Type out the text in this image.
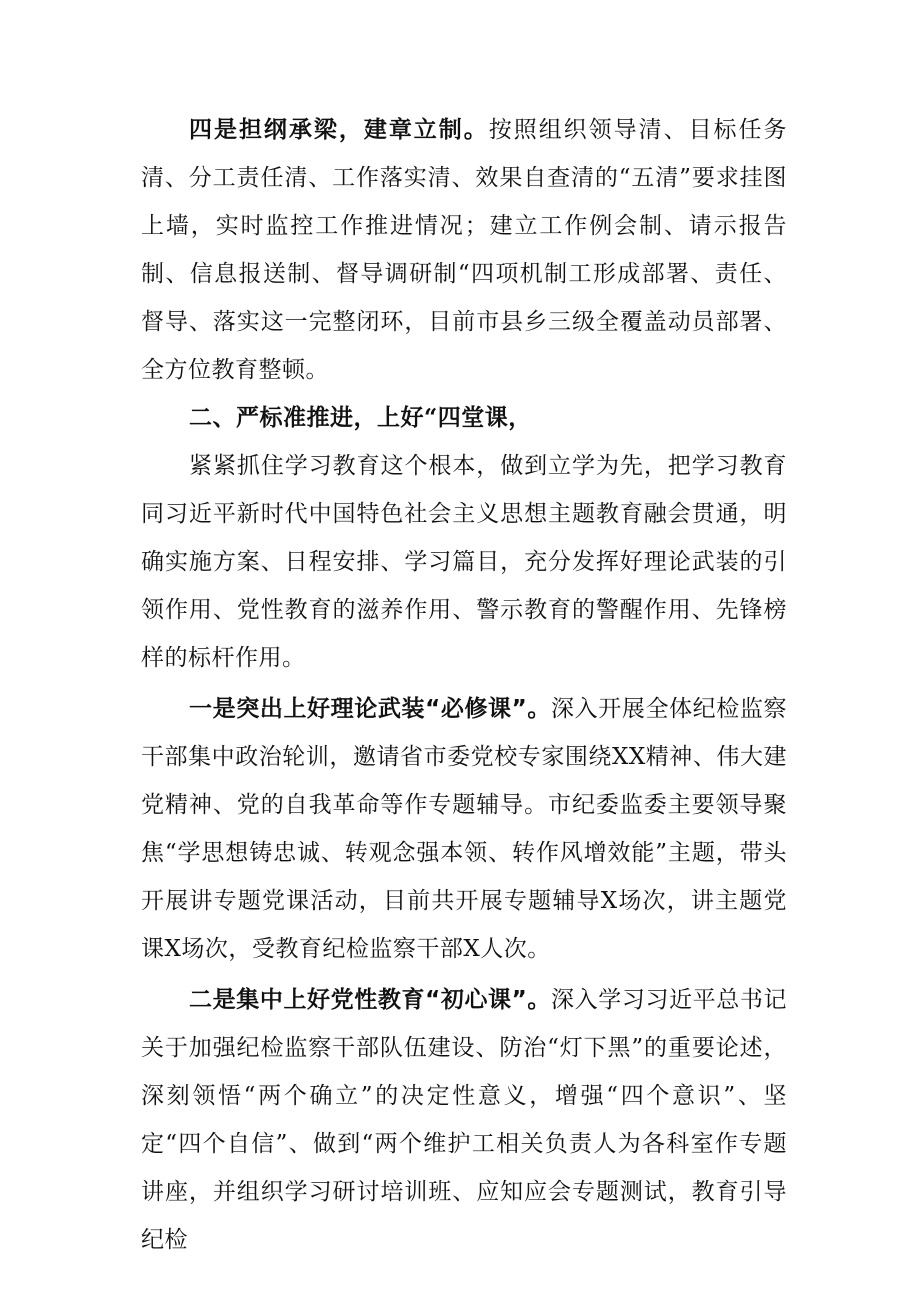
四是担纲承梁，建章立制。按照组织领导清、目标任务清、分工责任清、工作落实清、效果自查清的“五清”要求挂图上墙，实时监控工作推进情况；建立工作例会制、请示报告制、信息报送制、督导调研制“四项机制工形成部署、责任、督导、落实这一完整闭环，目前市县乡三级全覆盖动员部署、全方位教育整顿。

二、严标准推进，上好“四堂课，

紧紧抓住学习教育这个根本，做到立学为先，把学习教育同习近平新时代中国特色社会主义思想主题教育融会贯通，明确实施方案、日程安排、学习篇目，充分发挥好理论武装的引领作用、党性教育的滋养作用、警示教育的警醒作用、先锋榜样的标杆作用。

一是突出上好理论武装“必修课”。深入开展全体纪检监察干部集中政治轮训，邀请省市委党校专家围绕XX精神、伟大建党精神、党的自我革命等作专题辅导。市纪委监委主要领导聚焦“学思想铸忠诚、转观念强本领、转作风增效能”主题，带头开展讲专题党课活动，目前共开展专题辅导X场次，讲主题党课X场次，受教育纪检监察干部X人次。

二是集中上好党性教育“初心课”。深入学习习近平总书记关于加强纪检监察干部队伍建设、防治“灯下黑”的重要论述，深刻领悟“两个确立”的决定性意义，增强“四个意识”、坚定“四个自信”、做到“两个维护工相关负责人为各科室作专题讲座，并组织学习研讨培训班、应知应会专题测试，教育引导纪检
